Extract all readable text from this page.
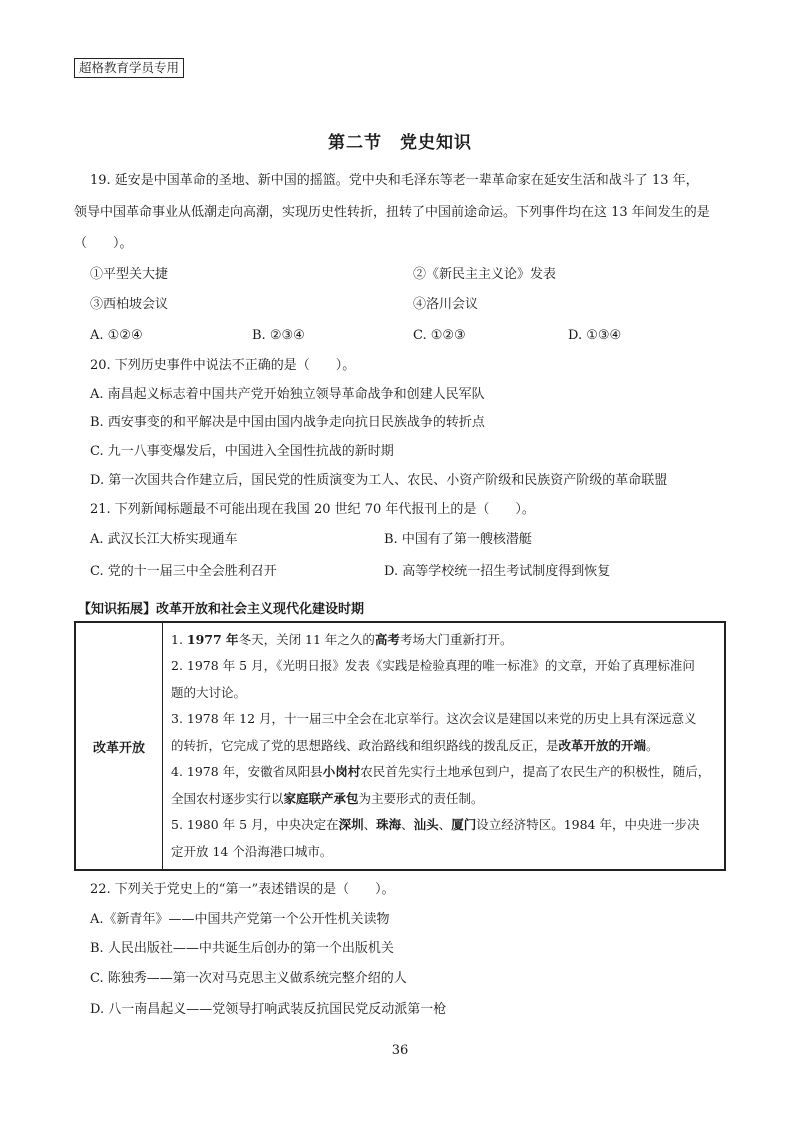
超格教育学员专用
第二节　党史知识
19. 延安是中国革命的圣地、新中国的摇篮。党中央和毛泽东等老一辈革命家在延安生活和战斗了 13 年，
领导中国革命事业从低潮走向高潮，实现历史性转折，扭转了中国前途命运。下列事件均在这 13 年间发生的是
（　　）。
①平型关大捷	②《新民主主义论》发表
③西柏坡会议	④洛川会议
A. ①②④	B. ②③④	C. ①②③	D. ①③④
20. 下列历史事件中说法不正确的是（　　）。
A. 南昌起义标志着中国共产党开始独立领导革命战争和创建人民军队
B. 西安事变的和平解决是中国由国内战争走向抗日民族战争的转折点
C. 九一八事变爆发后，中国进入全国性抗战的新时期
D. 第一次国共合作建立后，国民党的性质演变为工人、农民、小资产阶级和民族资产阶级的革命联盟
21. 下列新闻标题最不可能出现在我国 20 世纪 70 年代报刊上的是（　　）。
A. 武汉长江大桥实现通车	B. 中国有了第一艘核潜艇
C. 党的十一届三中全会胜利召开	D. 高等学校统一招生考试制度得到恢复
【知识拓展】改革开放和社会主义现代化建设时期
改革开放	
1. 1977 年冬天，关闭 11 年之久的高考考场大门重新打开。
2. 1978 年 5 月，《光明日报》发表《实践是检验真理的唯一标准》的文章，开始了真理标准问
题的大讨论。
3. 1978 年 12 月，十一届三中全会在北京举行。这次会议是建国以来党的历史上具有深远意义
的转折，它完成了党的思想路线、政治路线和组织路线的拨乱反正，是改革开放的开端。
4. 1978 年，安徽省凤阳县小岗村农民首先实行土地承包到户，提高了农民生产的积极性，随后，
全国农村逐步实行以家庭联产承包为主要形式的责任制。
5. 1980 年 5 月，中央决定在深圳、珠海、汕头、厦门设立经济特区。1984 年，中央进一步决
定开放 14 个沿海港口城市。
22. 下列关于党史上的“第一”表述错误的是（　　）。
A.《新青年》——中国共产党第一个公开性机关读物
B. 人民出版社——中共诞生后创办的第一个出版机关
C. 陈独秀——第一次对马克思主义做系统完整介绍的人
D. 八一南昌起义——党领导打响武装反抗国民党反动派第一枪
36
